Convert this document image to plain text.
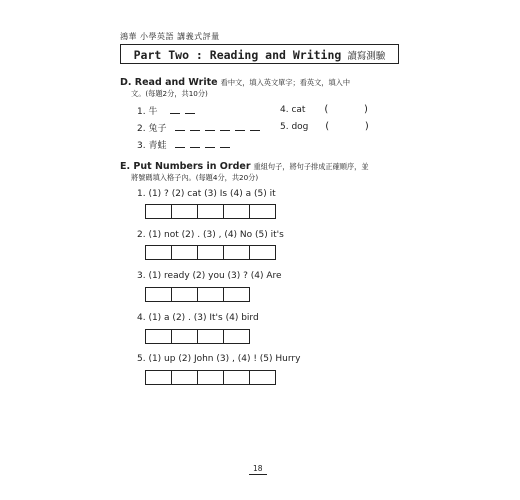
鴻華 小學英語 講義式評量
Part Two : Reading and Writing 讀寫測驗
D. Read and Write 看中文，填入英文單字；看英文，填入中
文。(每題2分，共10分)
1. 牛
2. 兔子
3. 青蛙
4. cat (	)
5. dog (	)
E. Put Numbers in Order 重組句子，將句子排成正確順序，並
將號碼填入格子內。(每題4分，共20分)
1. (1) ? (2) cat (3) Is (4) a (5) it
2. (1) not (2) . (3) , (4) No (5) it's
3. (1) ready (2) you (3) ? (4) Are
4. (1) a (2) . (3) It's (4) bird
5. (1) up (2) John (3) , (4) ! (5) Hurry
18
